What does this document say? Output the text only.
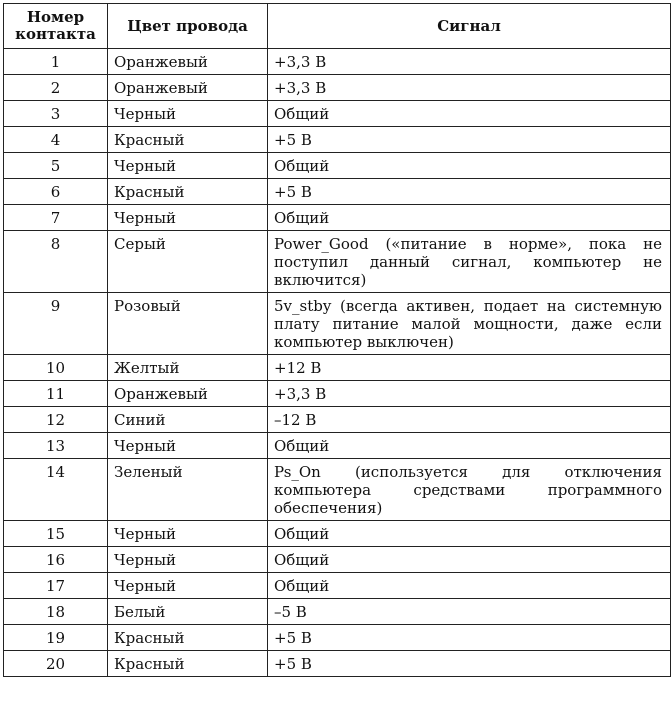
Номер
контакта	Цвет провода	Сигнал
1	Оранжевый	+3,3 В
2	Оранжевый	+3,3 В
3	Черный	Общий
4	Красный	+5 В
5	Черный	Общий
6	Красный	+5 В
7	Черный	Общий
8	Серый	Power_Good («питание в норме», пока не поступил данный сигнал, компьютер не включится)
9	Розовый	5v_stby (всегда активен, подает на системную плату питание малой мощности, даже если компьютер выключен)
10	Желтый	+12 В
11	Оранжевый	+3,3 В
12	Синий	–12 В
13	Черный	Общий
14	Зеленый	Ps_On (используется для отключения компьютера средствами программного обеспечения)
15	Черный	Общий
16	Черный	Общий
17	Черный	Общий
18	Белый	–5 В
19	Красный	+5 В
20	Красный	+5 В
